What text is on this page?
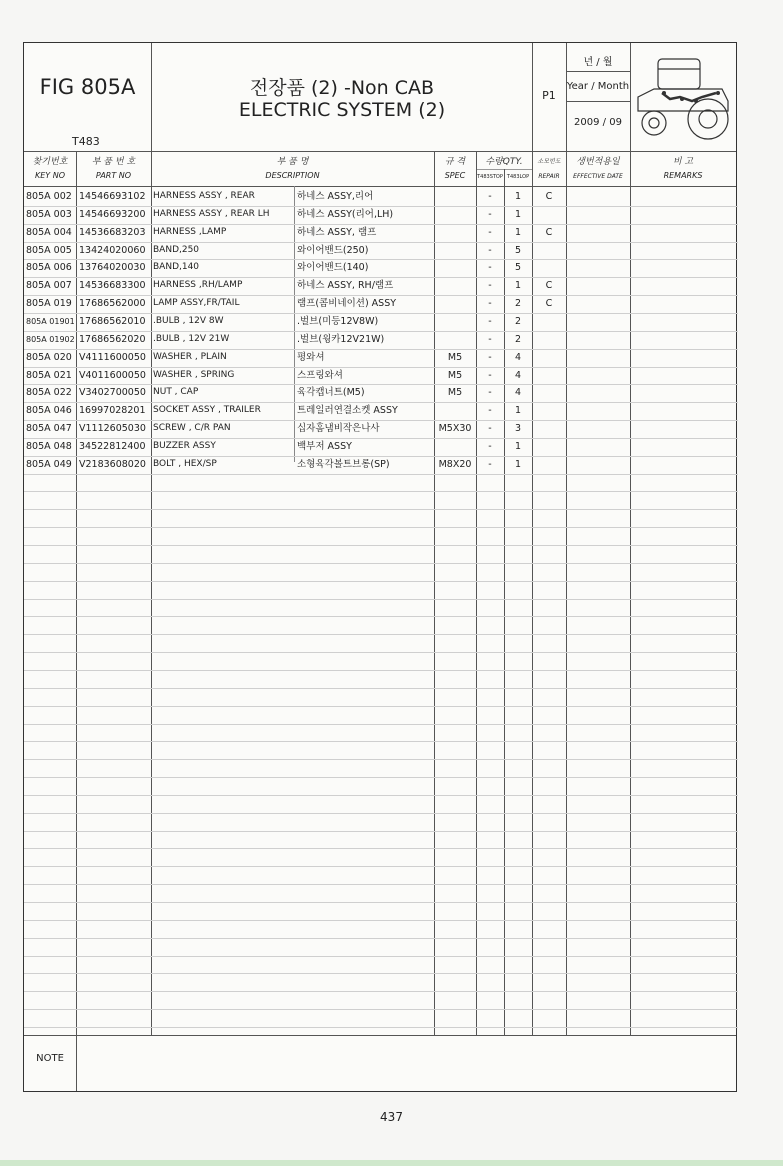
FIG 805A
T483
전장품 (2) -Non CAB
ELECTRIC SYSTEM (2)
P1
년 / 월
Year / Month
2009 / 09
찾기번호
KEY NO
부 품 번 호
PART NO
부 품 명
DESCRIPTION
규 격
SPEC
수량QTY.
T483STOP T483LOP
소모빈도
REPAIR
생번적용일
EFFECTIVE DATE
비 고
REMARKS
805A 002 14546693102 HARNESS ASSY , REAR	하네스 ASSY,리어	-	1	C
805A 003 14546693200 HARNESS ASSY , REAR LH	하네스 ASSY(리어,LH)	-	1
805A 004 14536683203 HARNESS ,LAMP	하네스 ASSY, 램프	-	1	C
805A 005 13424020060 BAND,250	와이어밴드(250)	-	5
805A 006 13764020030 BAND,140	와이어밴드(140)	-	5
805A 007 14536683300 HARNESS ,RH/LAMP	하네스 ASSY, RH/램프	-	1	C
805A 019 17686562000 LAMP ASSY,FR/TAIL	램프(콤비네이션) ASSY	-	2	C
805A 01901 17686562010 .BULB , 12V 8W	.벌브(미등12V8W)	-	2
805A 01902 17686562020 .BULB , 12V 21W	.벌브(윙카12V21W)	-	2
805A 020 V4111600050 WASHER , PLAIN	평와셔	M5	-	4
805A 021 V4011600050 WASHER , SPRING	스프링와셔	M5	-	4
805A 022 V3402700050 NUT , CAP	육각캡너트(M5)	M5	-	4
805A 046 16997028201 SOCKET ASSY , TRAILER	트레일러연결소켓 ASSY	-	1
805A 047 V1112605030 SCREW , C/R PAN	십자홈냄비작은나사	M5X30	-	3
805A 048 34522812400 BUZZER ASSY	백부저 ASSY	-	1
805A 049 V2183608020 BOLT , HEX/SP	소형육각볼트브롱(SP)	M8X20	-	1
NOTE
437
